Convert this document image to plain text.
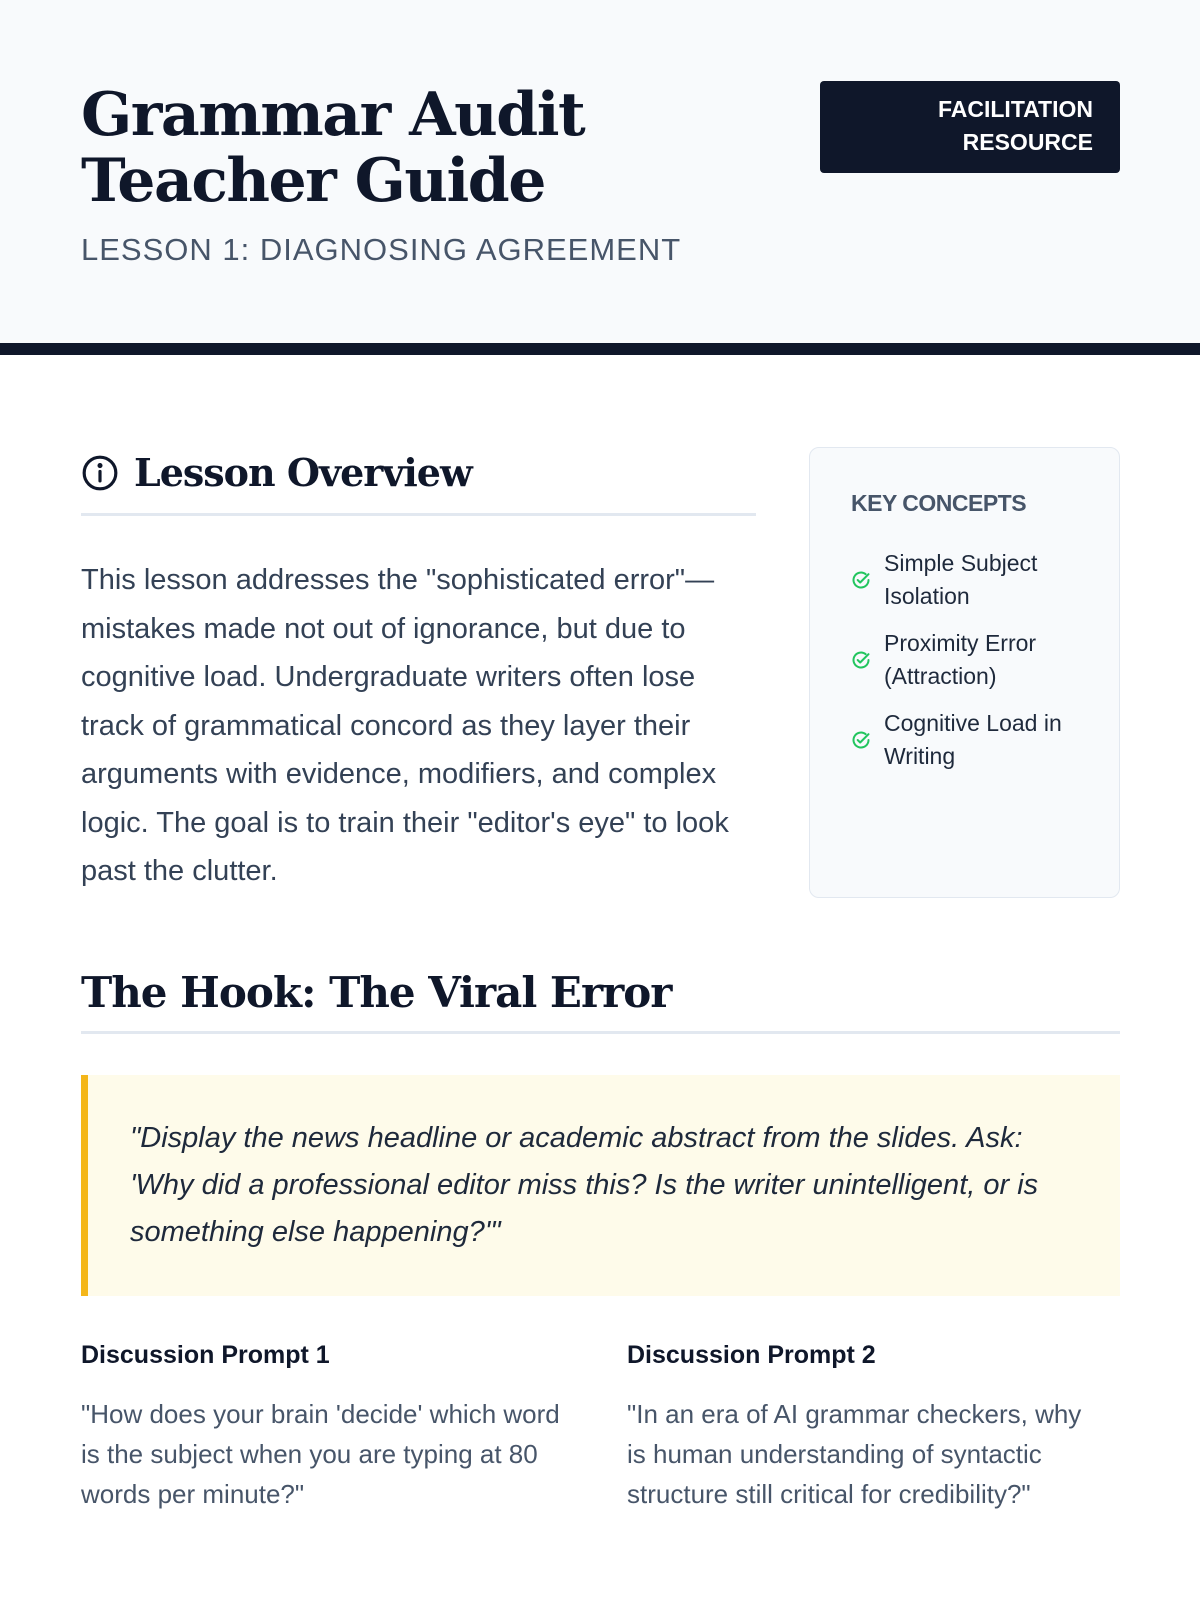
Grammar Audit Teacher Guide
LESSON 1: DIAGNOSING AGREEMENT
FACILITATION RESOURCE
Lesson Overview

This lesson addresses the "sophisticated error"—mistakes made not out of ignorance, but due to cognitive load. Undergraduate writers often lose track of grammatical concord as they layer their arguments with evidence, modifiers, and complex logic. The goal is to train their "editor's eye" to look past the clutter.

KEY CONCEPTS
Simple Subject Isolation
Proximity Error (Attraction)
Cognitive Load in Writing
The Hook: The Viral Error

"Display the news headline or academic abstract from the slides. Ask: 'Why did a professional editor miss this? Is the writer unintelligent, or is something else happening?'"

Discussion Prompt 1

"How does your brain 'decide' which word is the subject when you are typing at 80 words per minute?"

Discussion Prompt 2

"In an era of AI grammar checkers, why is human understanding of syntactic structure still critical for credibility?"
